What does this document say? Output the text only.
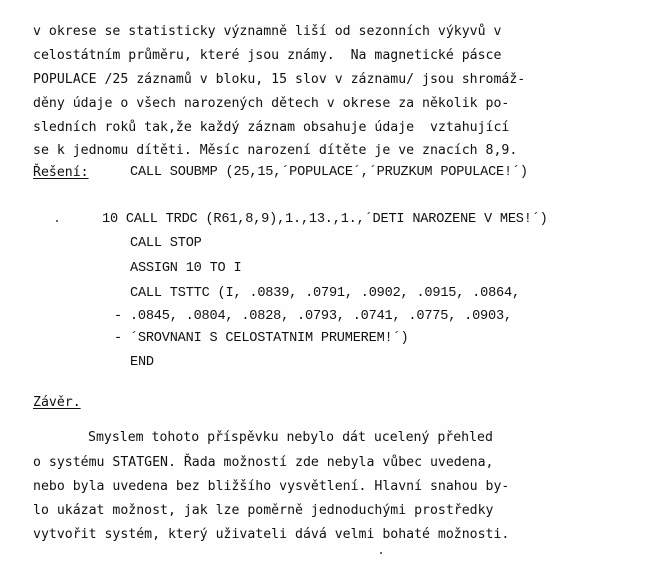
v okrese se statisticky významně liší od sezonních výkyvů v
celostátním průměru, které jsou známy.  Na magnetické pásce
POPULACE /25 záznamů v bloku, 15 slov v záznamu/ jsou shromáž-
děny údaje o všech narozených dětech v okrese za několik po-
sledních roků tak,že každý záznam obsahuje údaje  vztahující
se k jednomu dítěti. Měsíc narození dítěte je ve znacích 8,9.
Řešení:	CALL SOUBMP (25,15,´POPULACE´,´PRUZKUM POPULACE!´)
10 CALL TRDC (R61,8,9),1.,13.,1.,´DETI NAROZENE V MES!´)
CALL STOP
ASSIGN 10 TO I
CALL TSTTC (I, .0839, .0791, .0902, .0915, .0864,
- .0845, .0804, .0828, .0793, .0741, .0775, .0903,
- ´SROVNANI S CELOSTATNIM PRUMEREM!´)
END
Závěr.
Smyslem tohoto příspěvku nebylo dát ucelený přehled
o systému STATGEN. Řada možností zde nebyla vůbec uvedena,
nebo byla uvedena bez bližšího vysvětlení. Hlavní snahou by-
lo ukázat možnost, jak lze poměrně jednoduchými prostředky
vytvořit systém, který uživateli dává velmi bohaté možnosti.
